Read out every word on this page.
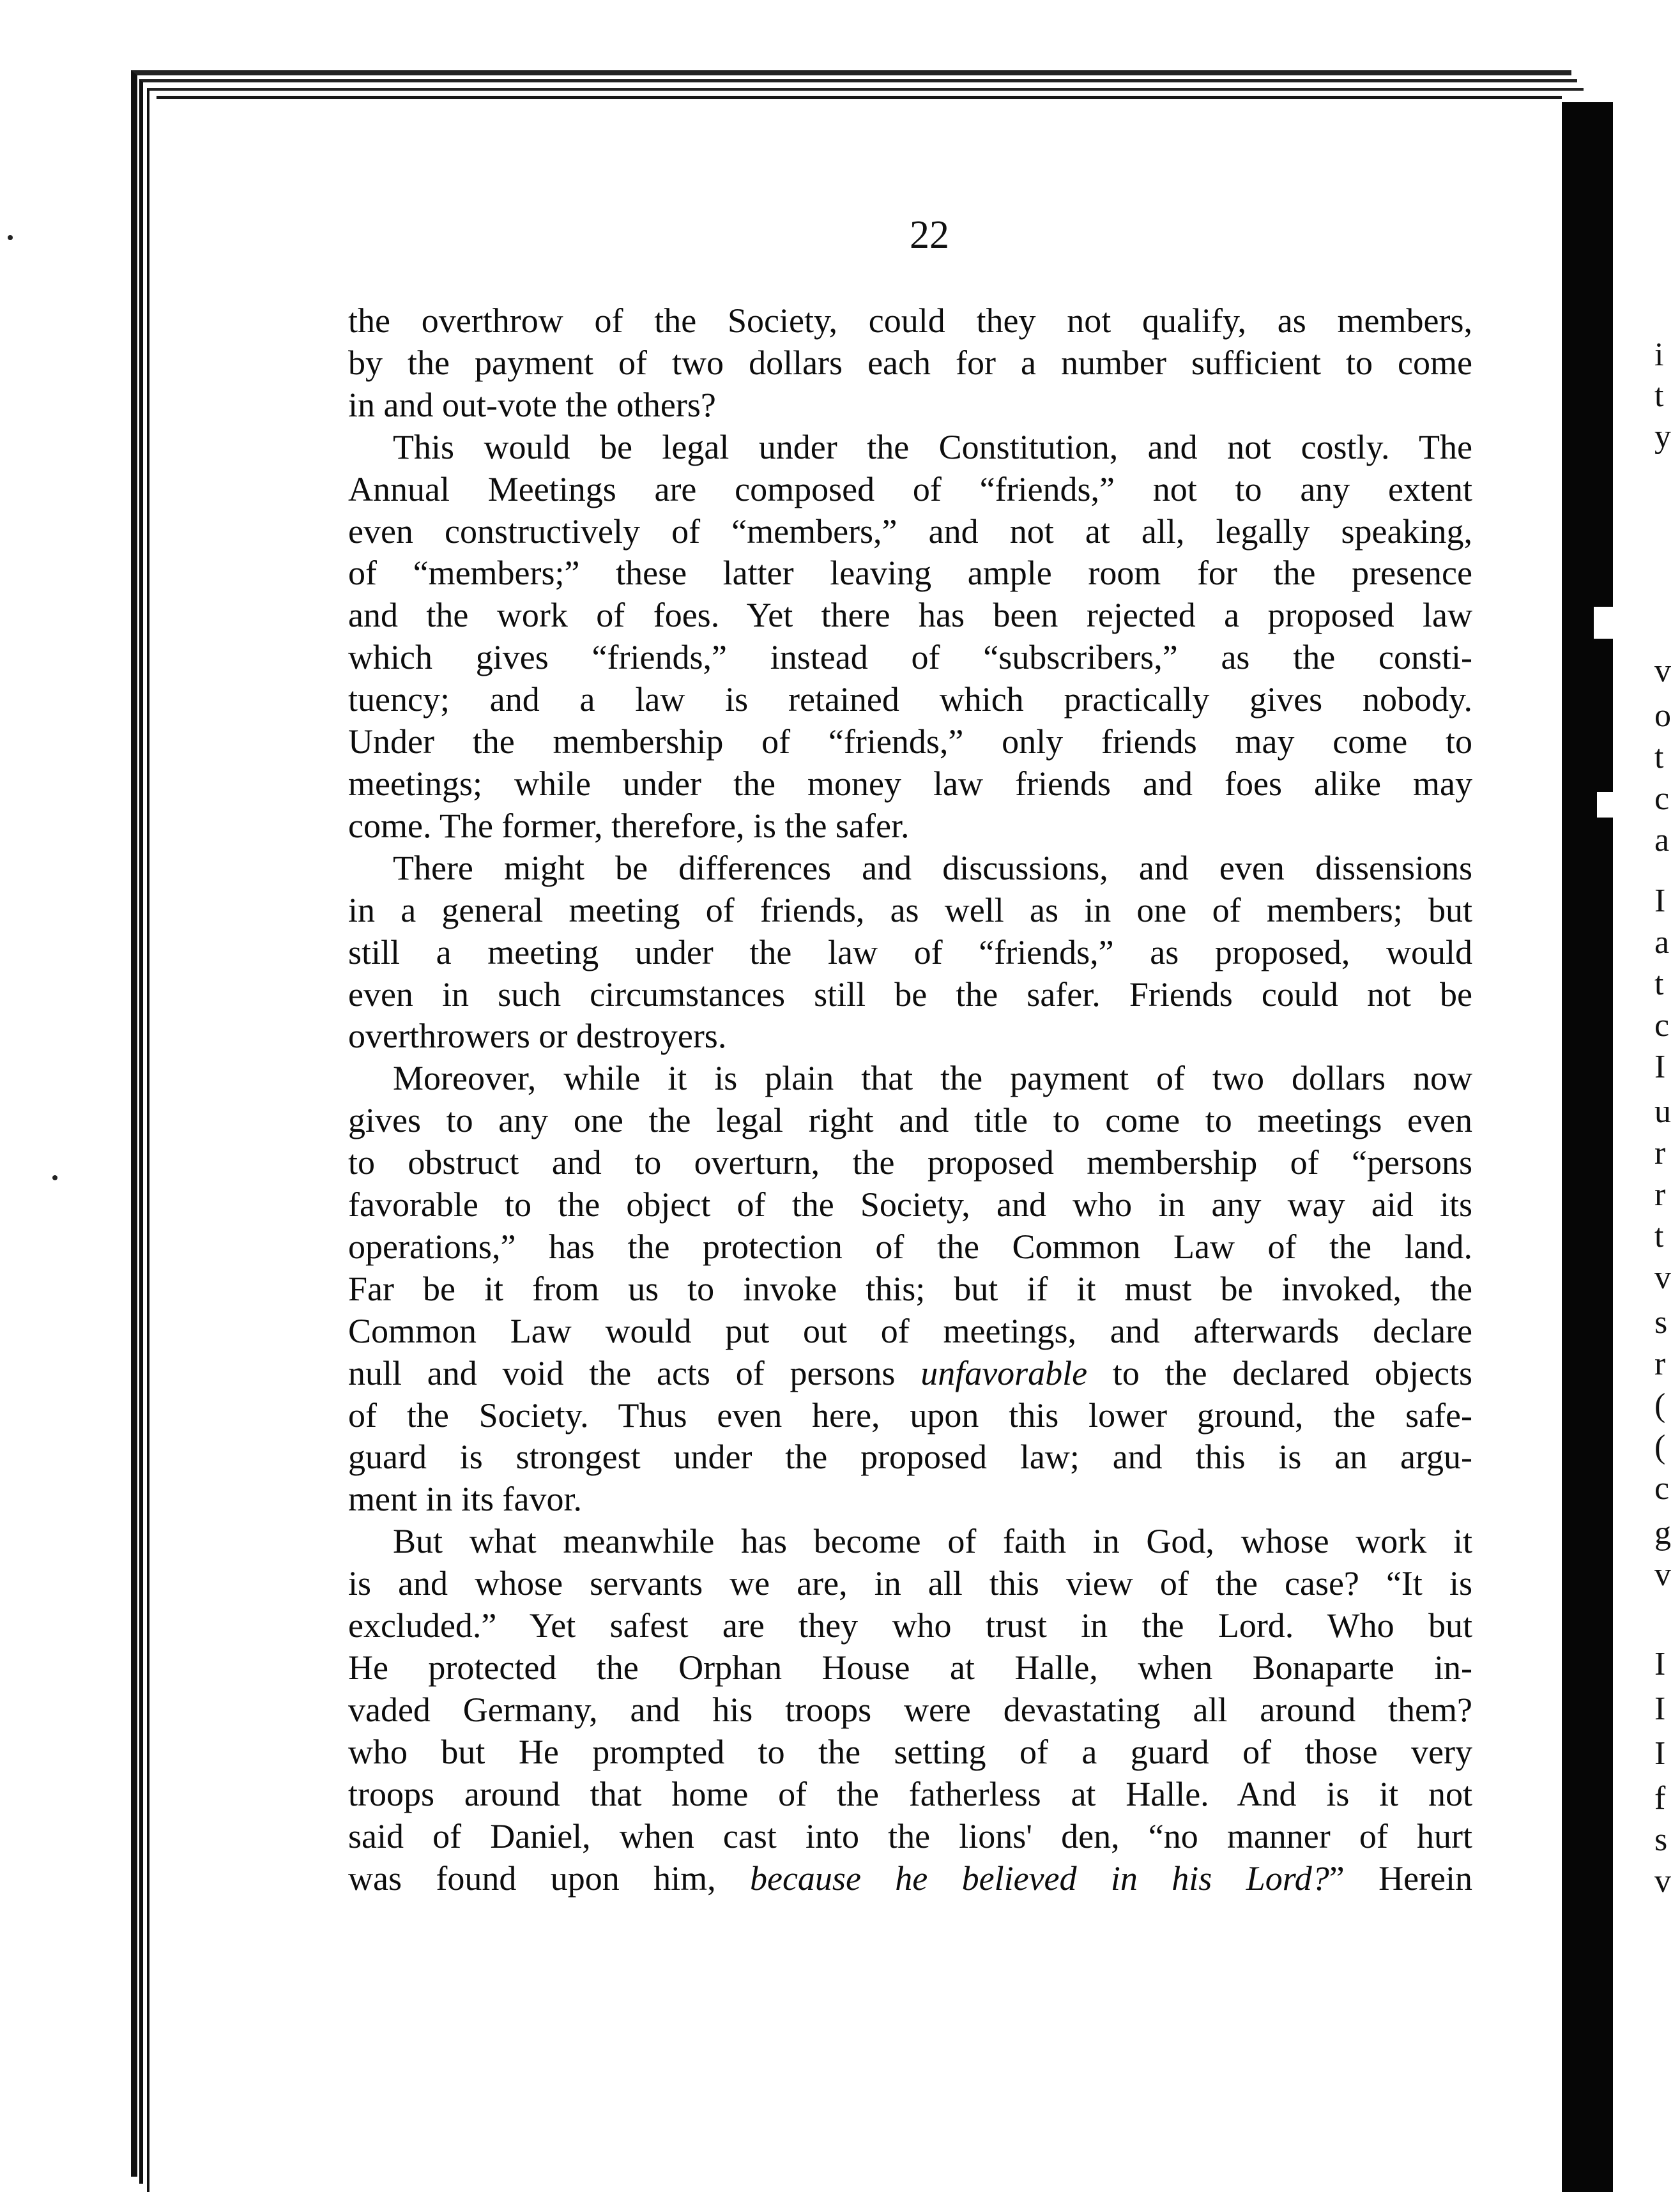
22
the overthrow of the Society, could they not qualify, as members,
by the payment of two dollars each for a number sufficient to come
in and out-vote the others?
This would be legal under the Constitution, and not costly. The
Annual Meetings are composed of “friends,” not to any extent
even constructively of “members,” and not at all, legally speaking,
of “members;” these latter leaving ample room for the presence
and the work of foes. Yet there has been rejected a proposed law
which gives “friends,” instead of “subscribers,” as the consti-
tuency; and a law is retained which practically gives nobody.
Under the membership of “friends,” only friends may come to
meetings; while under the money law friends and foes alike may
come. The former, therefore, is the safer.
There might be differences and discussions, and even dissensions
in a general meeting of friends, as well as in one of members; but
still a meeting under the law of “friends,” as proposed, would
even in such circumstances still be the safer. Friends could not be
overthrowers or destroyers.
Moreover, while it is plain that the payment of two dollars now
gives to any one the legal right and title to come to meetings even
to obstruct and to overturn, the proposed membership of “persons
favorable to the object of the Society, and who in any way aid its
operations,” has the protection of the Common Law of the land.
Far be it from us to invoke this; but if it must be invoked, the
Common Law would put out of meetings, and afterwards declare
null and void the acts of persons unfavorable to the declared objects
of the Society. Thus even here, upon this lower ground, the safe-
guard is strongest under the proposed law; and this is an argu-
ment in its favor.
But what meanwhile has become of faith in God, whose work it
is and whose servants we are, in all this view of the case? “It is
excluded.” Yet safest are they who trust in the Lord. Who but
He protected the Orphan House at Halle, when Bonaparte in-
vaded Germany, and his troops were devastating all around them?
who but He prompted to the setting of a guard of those very
troops around that home of the fatherless at Halle. And is it not
said of Daniel, when cast into the lions' den, “no manner of hurt
was found upon him, because he believed in his Lord?” Herein
i
t
y
v
o
t
c
a
I
a
t
c
I
u
r
r
t
v
s
r
(
(
c
g
v
I
I
I
f
s
v
